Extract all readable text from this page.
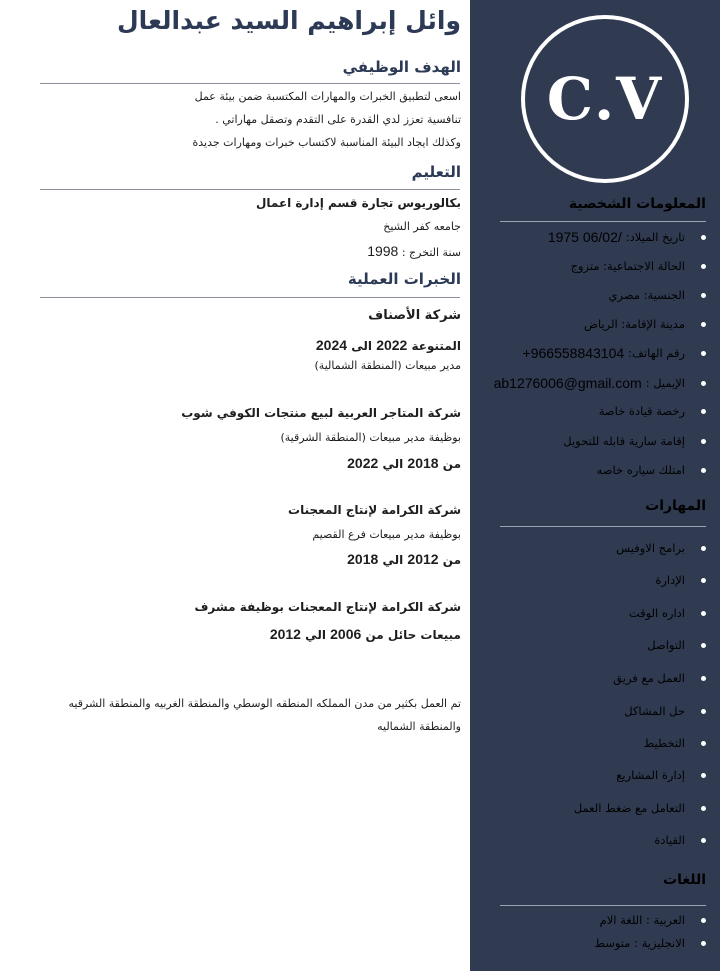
C.V
المعلومات الشخصية
تاريخ الميلاد:
1975 06/02/
الحالة الاجتماعية: متزوج
الجنسية: مصري
مدينة الإقامة: الرياض
رقم الهاتف:
+966558843104
الإيميل :
ab1276006@gmail.com
رخصة قيادة خاصة
إقامة سارية قابله للتحويل
امتلك سياره خاصه
المهارات
برامج الاوفيس
الإدارة
اداره الوقت
التواصل
العمل مع فريق
حل المشاكل
التخطيط
إدارة المشاريع
التعامل مع ضغط العمل
القيادة
اللغات
العربية : اللغة الام
الانجليزية : متوسط
وائل إبراهيم السيد عبدالعال
الهدف الوظيفي
اسعى لتطبيق الخبرات والمهارات المكتسبة ضمن بيئة عمل
تنافسية تعزز لدي القدرة على التقدم وتصقل مهاراتي .
وكذلك ايجاد البيئة المناسبة لاكتساب خبرات ومهارات جديدة
التعليم
بكالوريوس تجارة قسم إدارة اعمال
جامعه كفر الشيخ
سنة التخرج : 1998
الخبرات العملية
شركة الأصناف
المتنوعة 2022 الى 2024
مدير مبيعات (المنطقة الشمالية)
شركة المتاجر العربية لبيع منتجات الكوفي شوب
بوظيفة مدير مبيعات (المنطقة الشرقية)
من 2018 الي 2022
شركة الكرامة لإنتاج المعجنات
بوظيفة مدير مبيعات فرع القصيم
من 2012 الي 2018
شركة الكرامة لإنتاج المعجنات بوظيفة مشرف
مبيعات حائل من 2006 الي 2012
تم العمل بكثير من مدن المملكه المنطقه الوسطي والمنطقة الغربيه والمنطقة الشرقيه
والمنطقة الشماليه
